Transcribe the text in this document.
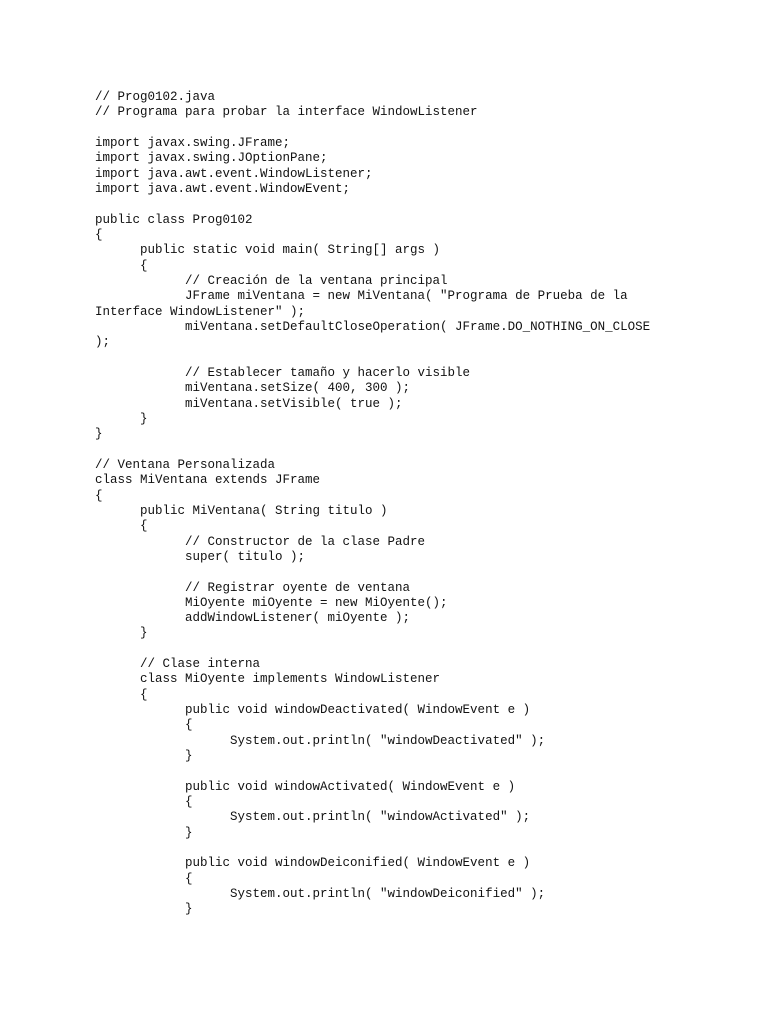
// Prog0102.java
// Programa para probar la interface WindowListener
import javax.swing.JFrame;
import javax.swing.JOptionPane;
import java.awt.event.WindowListener;
import java.awt.event.WindowEvent;
public class Prog0102
{
public static void main( String[] args )
{
// Creación de la ventana principal
JFrame miVentana = new MiVentana( "Programa de Prueba de la
Interface WindowListener" );
miVentana.setDefaultCloseOperation( JFrame.DO_NOTHING_ON_CLOSE
);
// Establecer tamaño y hacerlo visible
miVentana.setSize( 400, 300 );
miVentana.setVisible( true );
}
}
// Ventana Personalizada
class MiVentana extends JFrame
{
public MiVentana( String titulo )
{
// Constructor de la clase Padre
super( titulo );
// Registrar oyente de ventana
MiOyente miOyente = new MiOyente();
addWindowListener( miOyente );
}
// Clase interna
class MiOyente implements WindowListener
{
public void windowDeactivated( WindowEvent e )
{
System.out.println( "windowDeactivated" );
}
public void windowActivated( WindowEvent e )
{
System.out.println( "windowActivated" );
}
public void windowDeiconified( WindowEvent e )
{
System.out.println( "windowDeiconified" );
}
